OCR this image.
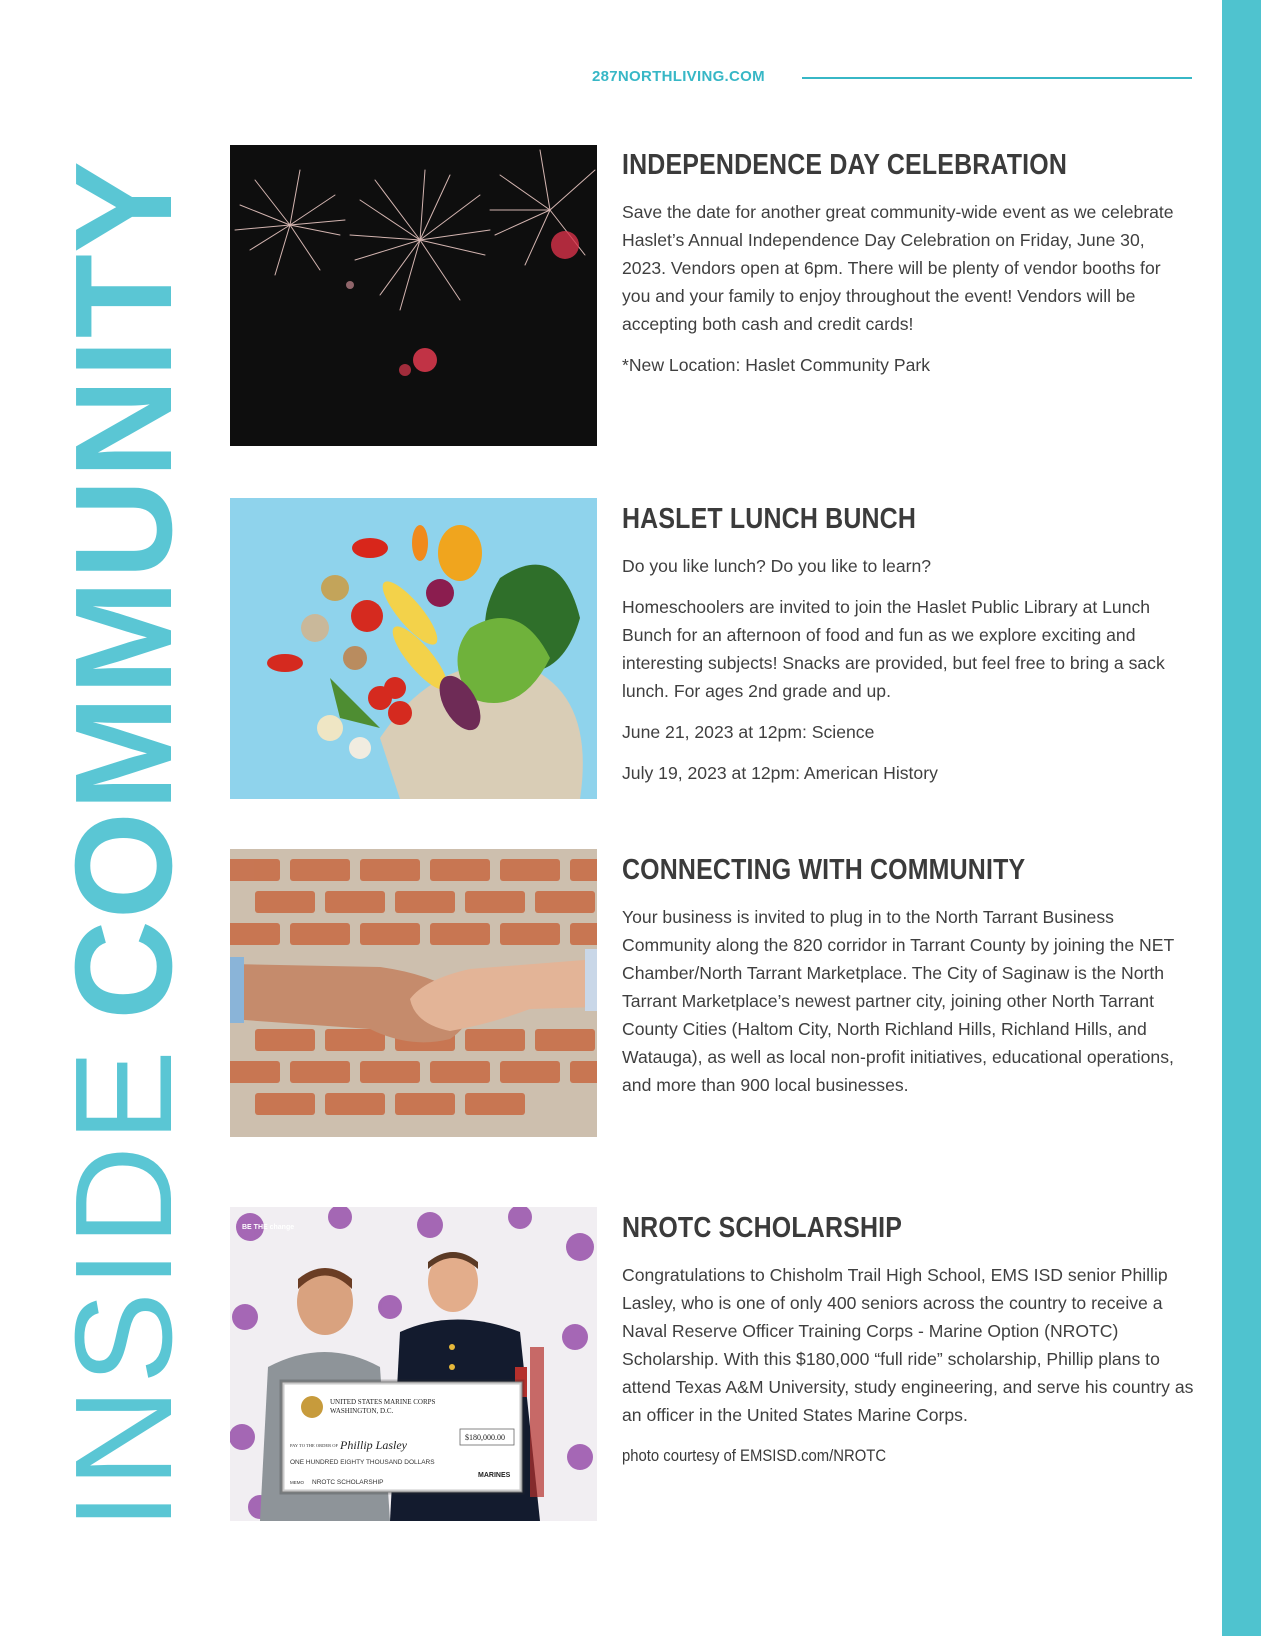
INSIDECOMMUNITY
287NORTHLIVING.COM
BE THE change
UNITED STATES MARINE CORPS
WASHINGTON, D.C.
$180,000.00
PAY TO THE ORDER OF Phillip Lasley
ONE HUNDRED EIGHTY THOUSAND DOLLARS
MEMO NROTC SCHOLARSHIP
MARINES
INDEPENDENCE DAY CELEBRATION

Save the date for another great community-wide event as we celebrate Haslet’s Annual Independence Day Celebration on Friday, June 30, 2023. Vendors open at 6pm. There will be plenty of vendor booths for you and your family to enjoy throughout the event! Vendors will be accepting both cash and credit cards!

*New Location: Haslet Community Park

HASLET LUNCH BUNCH

Do you like lunch? Do you like to learn?

Homeschoolers are invited to join the Haslet Public Library at Lunch Bunch for an afternoon of food and fun as we explore exciting and interesting subjects! Snacks are provided, but feel free to bring a sack lunch. For ages 2nd grade and up.

June 21, 2023 at 12pm: Science

July 19, 2023 at 12pm: American History

CONNECTING WITH COMMUNITY

Your business is invited to plug in to the North Tarrant Business Community along the 820 corridor in Tarrant County by joining the NET Chamber/North Tarrant Marketplace. The City of Saginaw is the North Tarrant Marketplace’s newest partner city, joining other North Tarrant County Cities (Haltom City, North Richland Hills, Richland Hills, and Watauga), as well as local non-profit initiatives, educational operations, and more than 900 local businesses.

NROTC SCHOLARSHIP

Congratulations to Chisholm Trail High School, EMS ISD senior Phillip Lasley, who is one of only 400 seniors across the country to receive a Naval Reserve Officer Training Corps - Marine Option (NROTC) Scholarship. With this $180,000 “full ride” scholarship, Phillip plans to attend Texas A&M University, study engineering, and serve his country as an officer in the United States Marine Corps.

photo courtesy of EMSISD.com/NROTC
